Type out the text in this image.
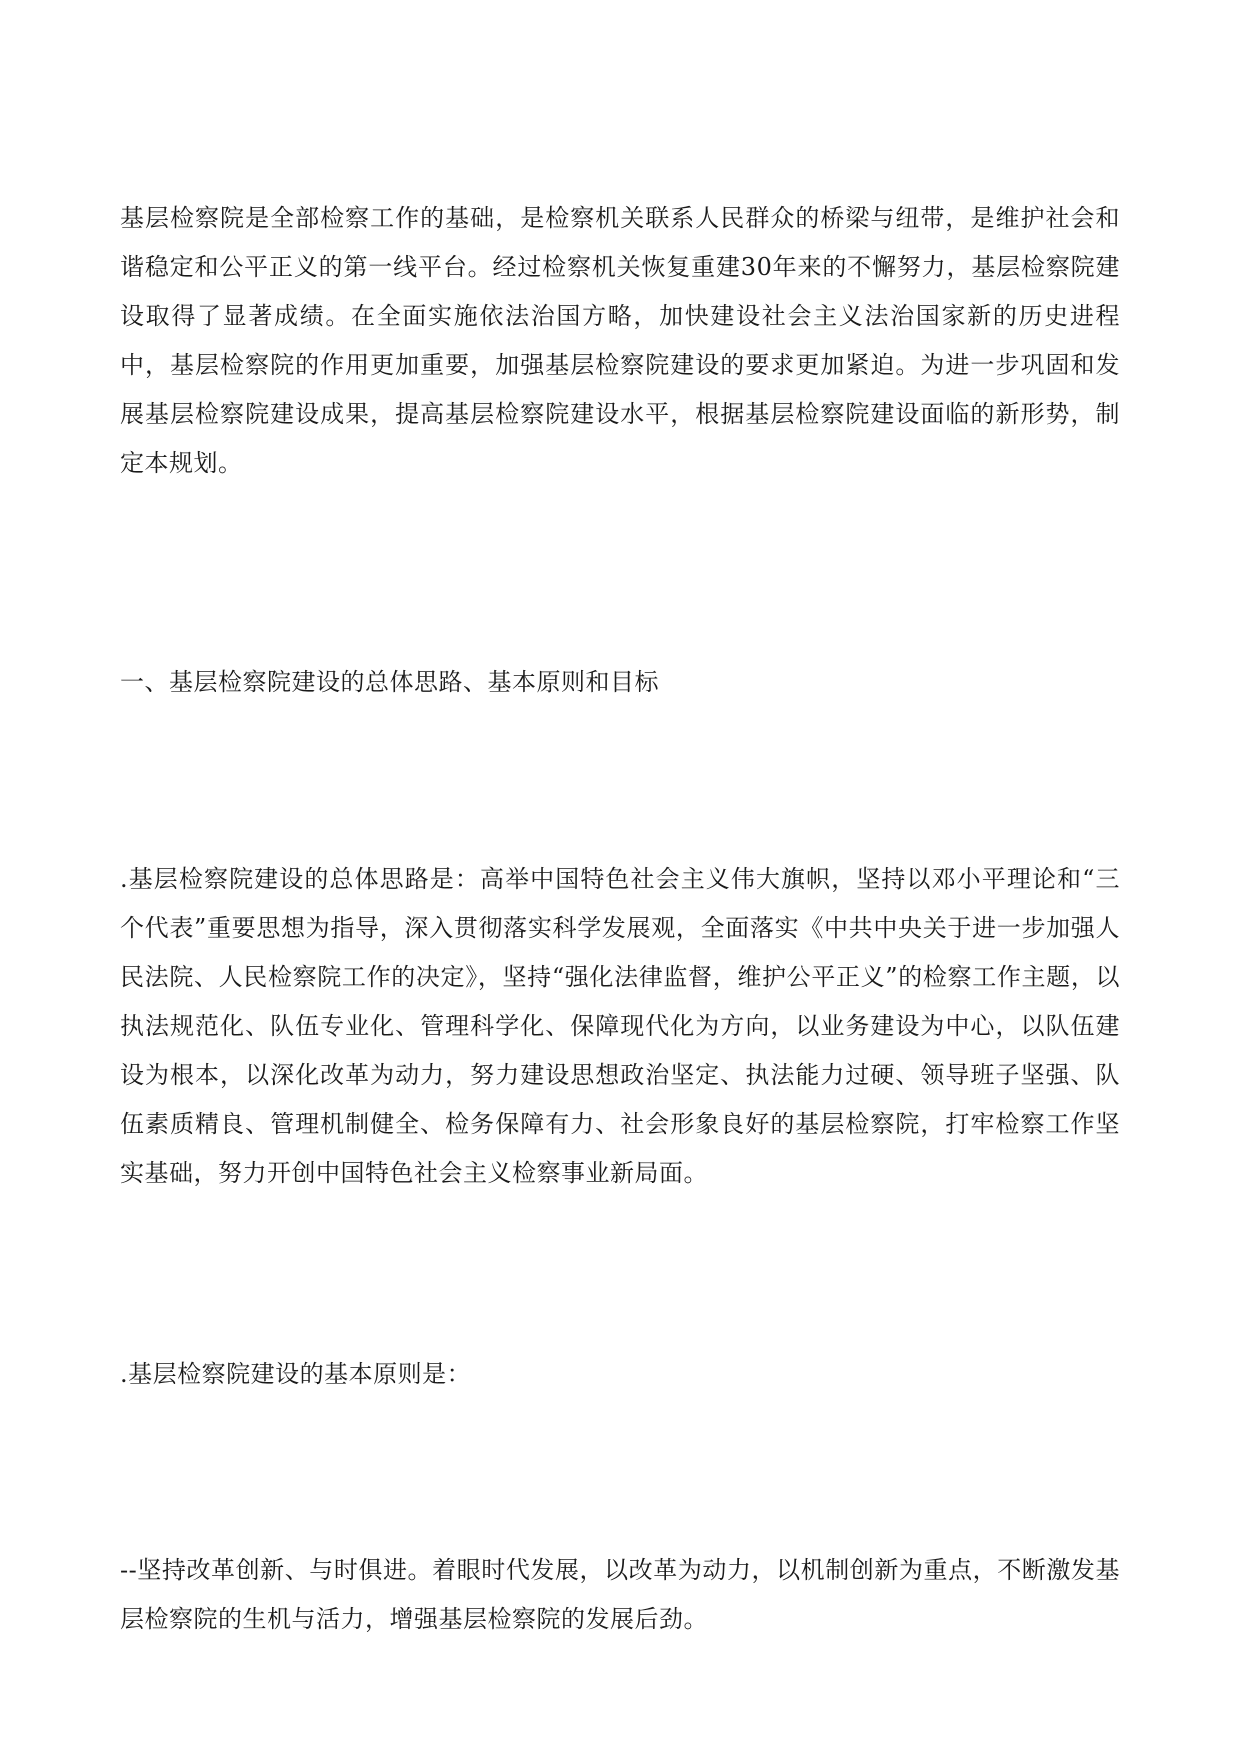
基层检察院是全部检察工作的基础，是检察机关联系人民群众的桥梁与纽带，是维护社会和谐稳定和公平正义的第一线平台。经过检察机关恢复重建30年来的不懈努力，基层检察院建设取得了显著成绩。在全面实施依法治国方略，加快建设社会主义法治国家新的历史进程中，基层检察院的作用更加重要，加强基层检察院建设的要求更加紧迫。为进一步巩固和发展基层检察院建设成果，提高基层检察院建设水平，根据基层检察院建设面临的新形势，制定本规划。

一、基层检察院建设的总体思路、基本原则和目标

.基层检察院建设的总体思路是：高举中国特色社会主义伟大旗帜，坚持以邓小平理论和“三个代表”重要思想为指导，深入贯彻落实科学发展观，全面落实《中共中央关于进一步加强人民法院、人民检察院工作的决定》，坚持“强化法律监督，维护公平正义”的检察工作主题，以执法规范化、队伍专业化、管理科学化、保障现代化为方向，以业务建设为中心，以队伍建设为根本，以深化改革为动力，努力建设思想政治坚定、执法能力过硬、领导班子坚强、队伍素质精良、管理机制健全、检务保障有力、社会形象良好的基层检察院，打牢检察工作坚实基础，努力开创中国特色社会主义检察事业新局面。

.基层检察院建设的基本原则是：

--坚持改革创新、与时俱进。着眼时代发展，以改革为动力，以机制创新为重点，不断激发基层检察院的生机与活力，增强基层检察院的发展后劲。
